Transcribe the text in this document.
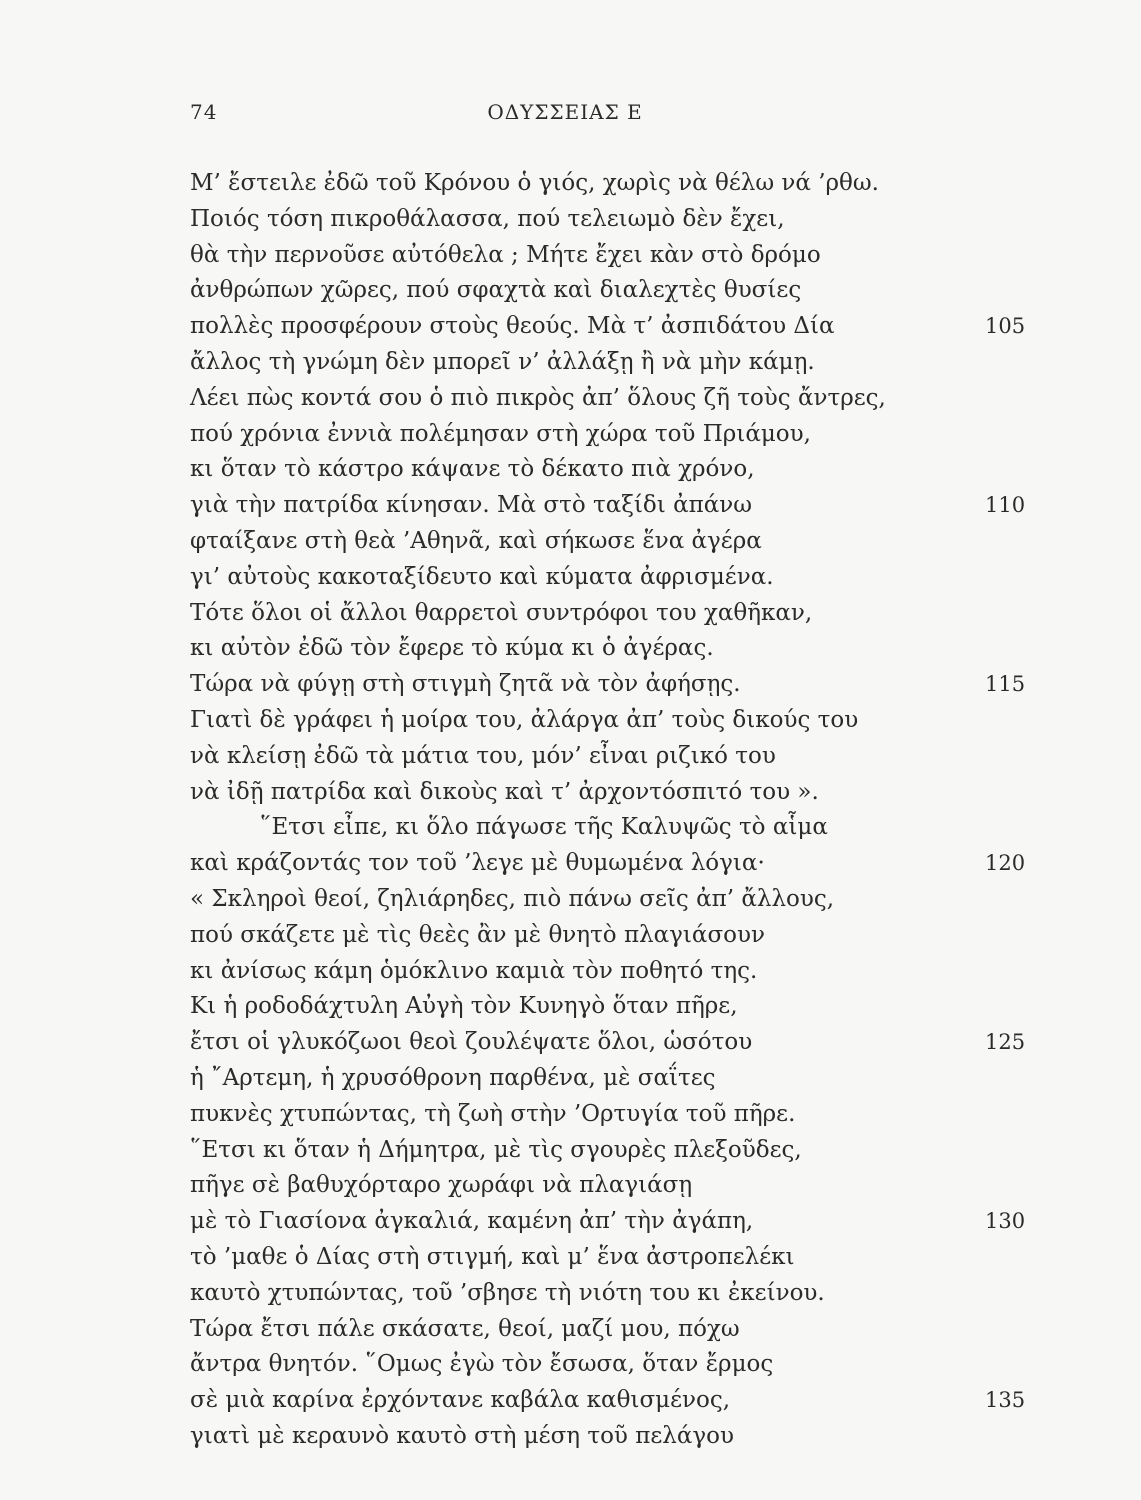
74	ΟΔΥΣΣΕΙΑΣ Ε
Μ’ ἔστειλε ἐδῶ τοῦ Κρόνου ὁ γιός, χωρὶς νὰ θέλω νά ’ρθω.
Ποιός τόση πικροθάλασσα, πού τελειωμὸ δὲν ἔχει,
θὰ τὴν περνοῦσε αὐτόθελα ; Μήτε ἔχει κὰν στὸ δρόμο
ἀνθρώπων χῶρες, πού σφαχτὰ καὶ διαλεχτὲς θυσίες
πολλὲς προσφέρουν στοὺς θεούς. Μὰ τ’ ἀσπιδάτου Δία	105
ἄλλος τὴ γνώμη δὲν μπορεῖ ν’ ἀλλάξῃ ἢ νὰ μὴν κάμῃ.
Λέει πὼς κοντά σου ὁ πιὸ πικρὸς ἀπ’ ὅλους ζῆ τοὺς ἄντρες,
πού χρόνια ἐννιὰ πολέμησαν στὴ χώρα τοῦ Πριάμου,
κι ὅταν τὸ κάστρο κάψανε τὸ δέκατο πιὰ χρόνο,
γιὰ τὴν πατρίδα κίνησαν. Μὰ στὸ ταξίδι ἀπάνω	110
φταίξανε στὴ θεὰ ’Αθηνᾶ, καὶ σήκωσε ἕνα ἀγέρα
γι’ αὐτοὺς κακοταξίδευτο καὶ κύματα ἀφρισμένα.
Τότε ὅλοι οἱ ἄλλοι θαρρετοὶ συντρόφοι του χαθῆκαν,
κι αὐτὸν ἐδῶ τὸν ἔφερε τὸ κύμα κι ὁ ἀγέρας.
Τώρα νὰ φύγῃ στὴ στιγμὴ ζητᾶ νὰ τὸν ἀφήσῃς.	115
Γιατὶ δὲ γράφει ἡ μοίρα του, ἀλάργα ἀπ’ τοὺς δικούς του
νὰ κλείσῃ ἐδῶ τὰ μάτια του, μόν’ εἶναι ριζικό του
νὰ ἰδῇ πατρίδα καὶ δικοὺς καὶ τ’ ἀρχοντόσπιτό του ».
῞Ετσι εἶπε, κι ὅλο πάγωσε τῆς Καλυψῶς τὸ αἷμα
καὶ κράζοντάς τον τοῦ ’λεγε μὲ θυμωμένα λόγια·	120
« Σκληροὶ θεοί, ζηλιάρηδες, πιὸ πάνω σεῖς ἀπ’ ἄλλους,
πού σκάζετε μὲ τὶς θεὲς ἂν μὲ θνητὸ πλαγιάσουν
κι ἀνίσως κάμη ὁμόκλινο καμιὰ τὸν ποθητό της.
Κι ἡ ροδοδάχτυλη Αὐγὴ τὸν Κυνηγὸ ὅταν πῆρε,
ἔτσι οἱ γλυκόζωοι θεοὶ ζουλέψατε ὅλοι, ὡσότου	125
ἡ ῎Αρτεμη, ἡ χρυσόθρονη παρθένα, μὲ σαΐτες
πυκνὲς χτυπώντας, τὴ ζωὴ στὴν ’Ορτυγία τοῦ πῆρε.
῞Ετσι κι ὅταν ἡ Δήμητρα, μὲ τὶς σγουρὲς πλεξοῦδες,
πῆγε σὲ βαθυχόρταρο χωράφι νὰ πλαγιάσῃ
μὲ τὸ Γιασίονα ἀγκαλιά, καμένη ἀπ’ τὴν ἀγάπη,	130
τὸ ’μαθε ὁ Δίας στὴ στιγμή, καὶ μ’ ἕνα ἀστροπελέκι
καυτὸ χτυπώντας, τοῦ ’σβησε τὴ νιότη του κι ἐκείνου.
Τώρα ἔτσι πάλε σκάσατε, θεοί, μαζί μου, πόχω
ἄντρα θνητόν. ῞Ομως ἐγὼ τὸν ἔσωσα, ὅταν ἔρμος
σὲ μιὰ καρίνα ἐρχόντανε καβάλα καθισμένος,	135
γιατὶ μὲ κεραυνὸ καυτὸ στὴ μέση τοῦ πελάγου
